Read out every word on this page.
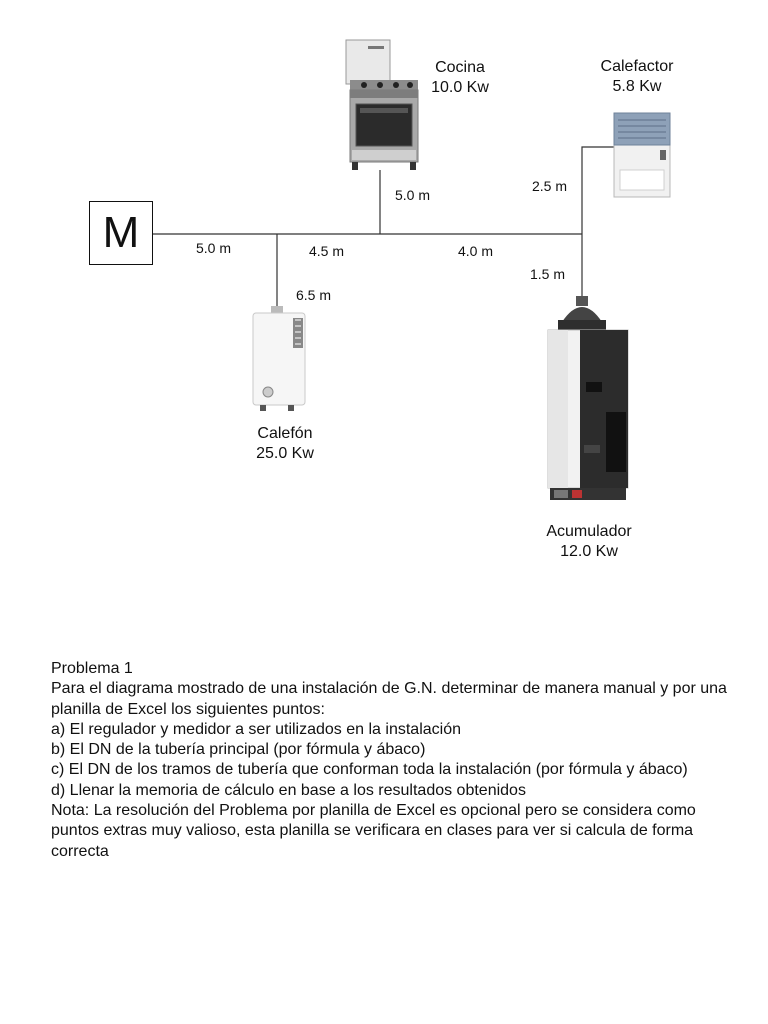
M
Cocina
10.0 Kw
Calefactor
5.8 Kw
Calefón
25.0 Kw
Acumulador
12.0 Kw
5.0 m	4.5 m	4.0 m
5.0 m
2.5 m
6.5 m
1.5 m

Problema 1

Para el diagrama mostrado de una instalación de G.N. determinar de manera manual y por una planilla de Excel los siguientes puntos:

a) El regulador y medidor a ser utilizados en la instalación

b) El DN de la tubería principal (por fórmula y ábaco)

c) El DN de los tramos de tubería que conforman toda la instalación (por fórmula y ábaco)

d) Llenar la memoria de cálculo en base a los resultados obtenidos

Nota: La resolución del Problema por planilla de Excel es opcional pero se considera como puntos extras muy valioso, esta planilla se verificara en clases para ver si calcula de forma correcta
